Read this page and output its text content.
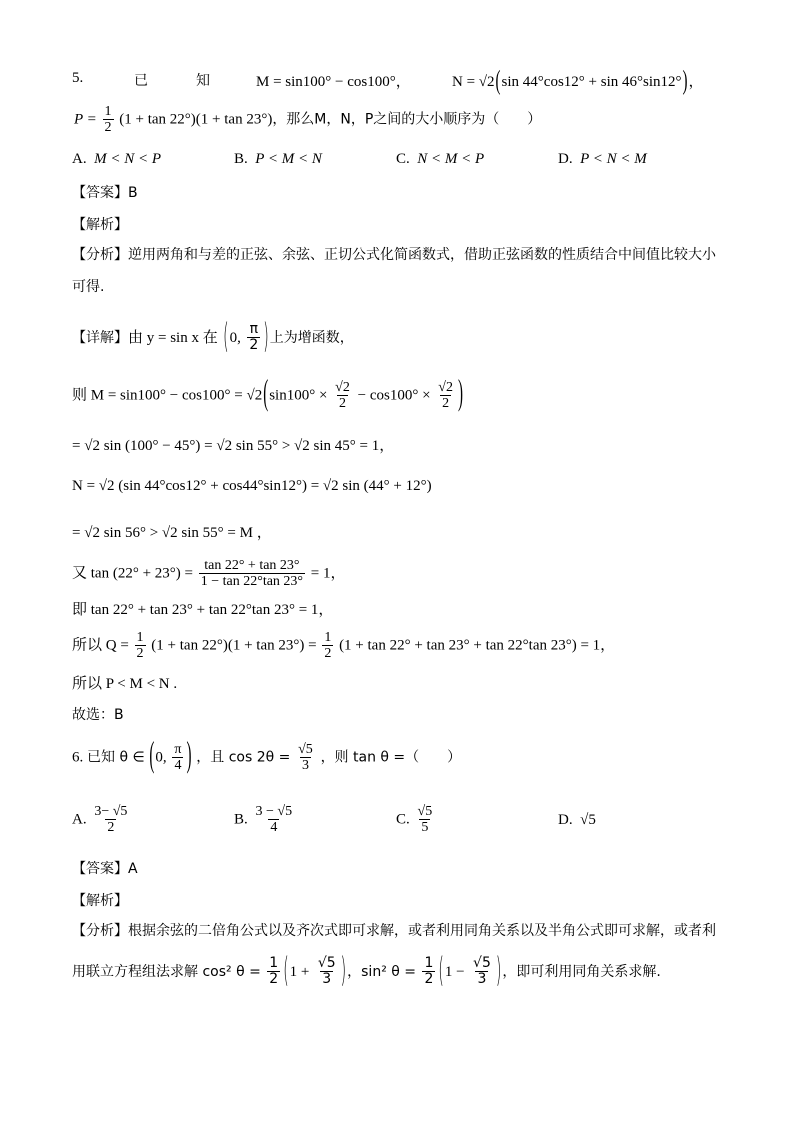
5.	已	知	M = sin100° − cos100°，	N = √2(sin 44°cos12° + sin 46°sin12°)，
$P = \frac{1}{2} (1 + \tan 22^\circ)(1 + \tan 23^\circ)$，那么M，N，P之间的大小顺序为（　　）
A. M < N < P	B. P < M < N	C. N < M < P	D. P < N < M
【答案】B
【解析】
【分析】逆用两角和与差的正弦、余弦、正切公式化简函数式，借助正弦函数的性质结合中间值比较大小
可得.
【详解】由 y = sin x 在 (0, $\frac{\pi}{2}$ )上为增函数，
则 $M = \sin 100^\circ - \cos 100^\circ = √2(\sin 100^\circ \times \frac{√2}{2} - \cos 100^\circ \times \frac{√2}{2}$ )
= √2 sin (100° − 45°) = √2 sin 55° > √2 sin 45° = 1，
N = √2 (sin 44°cos12° + cos44°sin12°) = √2 sin (44° + 12°)
= √2 sin 56° > √2 sin 55° = M ，
又 $\tan (22^\circ + 23^\circ) = \frac{\tan 22^\circ + \tan 23^\circ}{1 - \tan 22^\circ\tan 23^\circ} = 1$，
即 tan 22° + tan 23° + tan 22°tan 23° = 1，
所以 $Q = \frac{1}{2} (1 + \tan 22^\circ)(1 + \tan 23^\circ) = \frac{1}{2} (1 + \tan 22^\circ + \tan 23^\circ + \tan 22^\circ\tan$ 23°) = 1，
所以 P < M < N .
故选：B
6. 已知 θ ∈ (0, $\frac{\pi}{4}$ ) ，且 $\cos 2\theta = \frac{√5}{3}$ ，则 tan θ =（　　）
A. $\frac{3- √5}{2}$	B. $\frac{3 - √5}{4}$	C. $\frac{√5}{5}$	D. √5
【答案】A
【解析】
【分析】根据余弦的二倍角公式以及齐次式即可求解，或者利用同角关系以及半角公式即可求解，或者利
用联立方程组法求解 cos² $\theta = \frac{1}{2} (1 + \frac{√5}{3}$ )，sin² $\theta = \frac{1}{2} (1 - \frac{√5}{3}$ )，即可利用同角关系求解.
